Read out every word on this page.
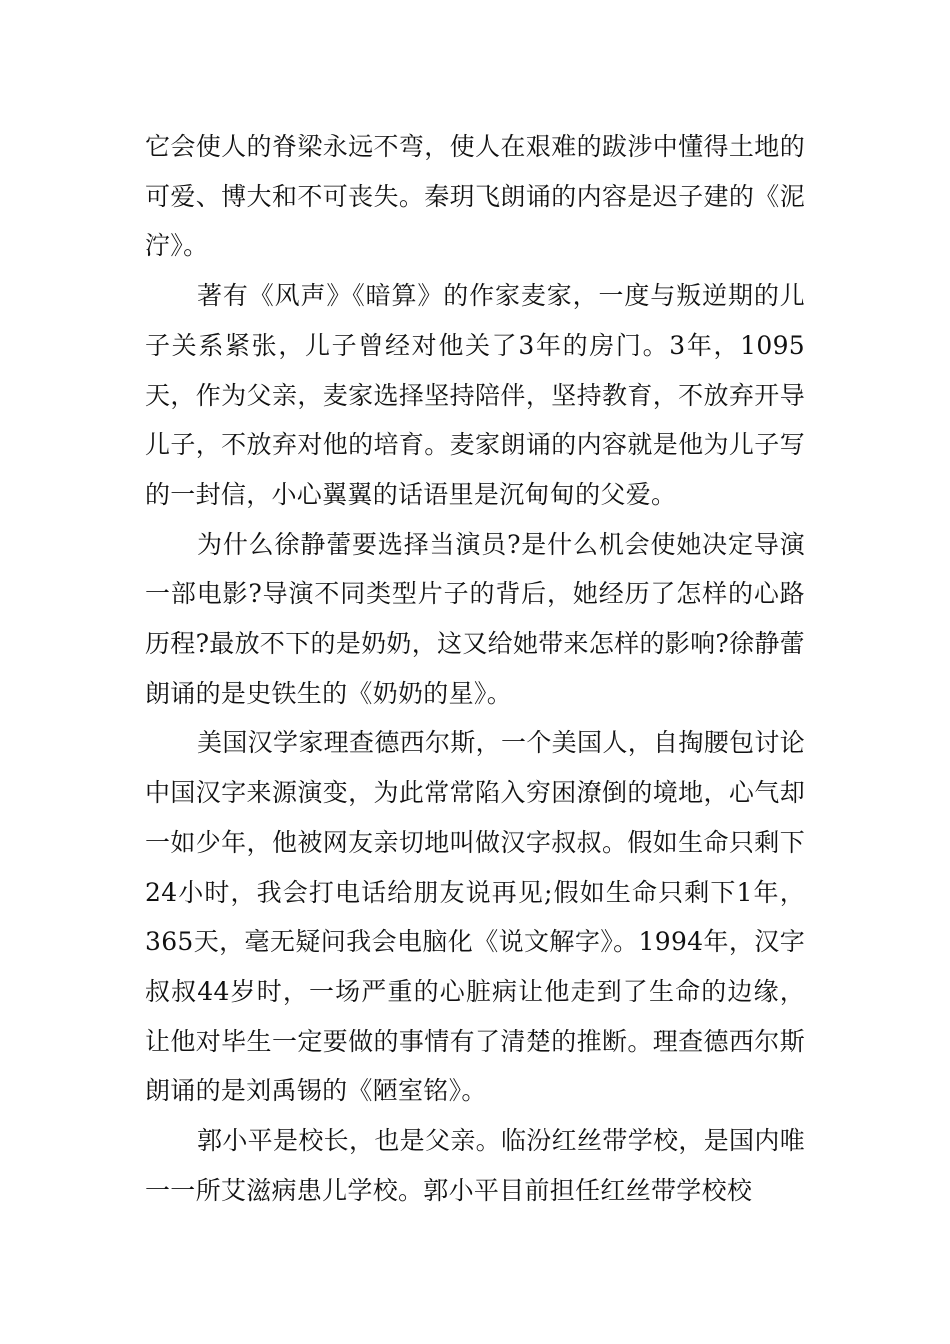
它会使人的脊梁永远不弯，使人在艰难的跋涉中懂得土地的可爱、博大和不可丧失。秦玥飞朗诵的内容是迟子建的《泥泞》。

著有《风声》《暗算》的作家麦家，一度与叛逆期的儿子关系紧张，儿子曾经对他关了3年的房门。3年，1095天，作为父亲，麦家选择坚持陪伴，坚持教育，不放弃开导儿子，不放弃对他的培育。麦家朗诵的内容就是他为儿子写的一封信，小心翼翼的话语里是沉甸甸的父爱。

为什么徐静蕾要选择当演员?是什么机会使她决定导演一部电影?导演不同类型片子的背后，她经历了怎样的心路历程?最放不下的是奶奶，这又给她带来怎样的影响?徐静蕾朗诵的是史铁生的《奶奶的星》。

美国汉学家理查德西尔斯，一个美国人，自掏腰包讨论中国汉字来源演变，为此常常陷入穷困潦倒的境地，心气却一如少年，他被网友亲切地叫做汉字叔叔。假如生命只剩下24小时，我会打电话给朋友说再见;假如生命只剩下1年，365天，毫无疑问我会电脑化《说文解字》。1994年，汉字叔叔44岁时，一场严重的心脏病让他走到了生命的边缘，让他对毕生一定要做的事情有了清楚的推断。理查德西尔斯朗诵的是刘禹锡的《陋室铭》。

郭小平是校长，也是父亲。临汾红丝带学校，是国内唯一一所艾滋病患儿学校。郭小平目前担任红丝带学校校
